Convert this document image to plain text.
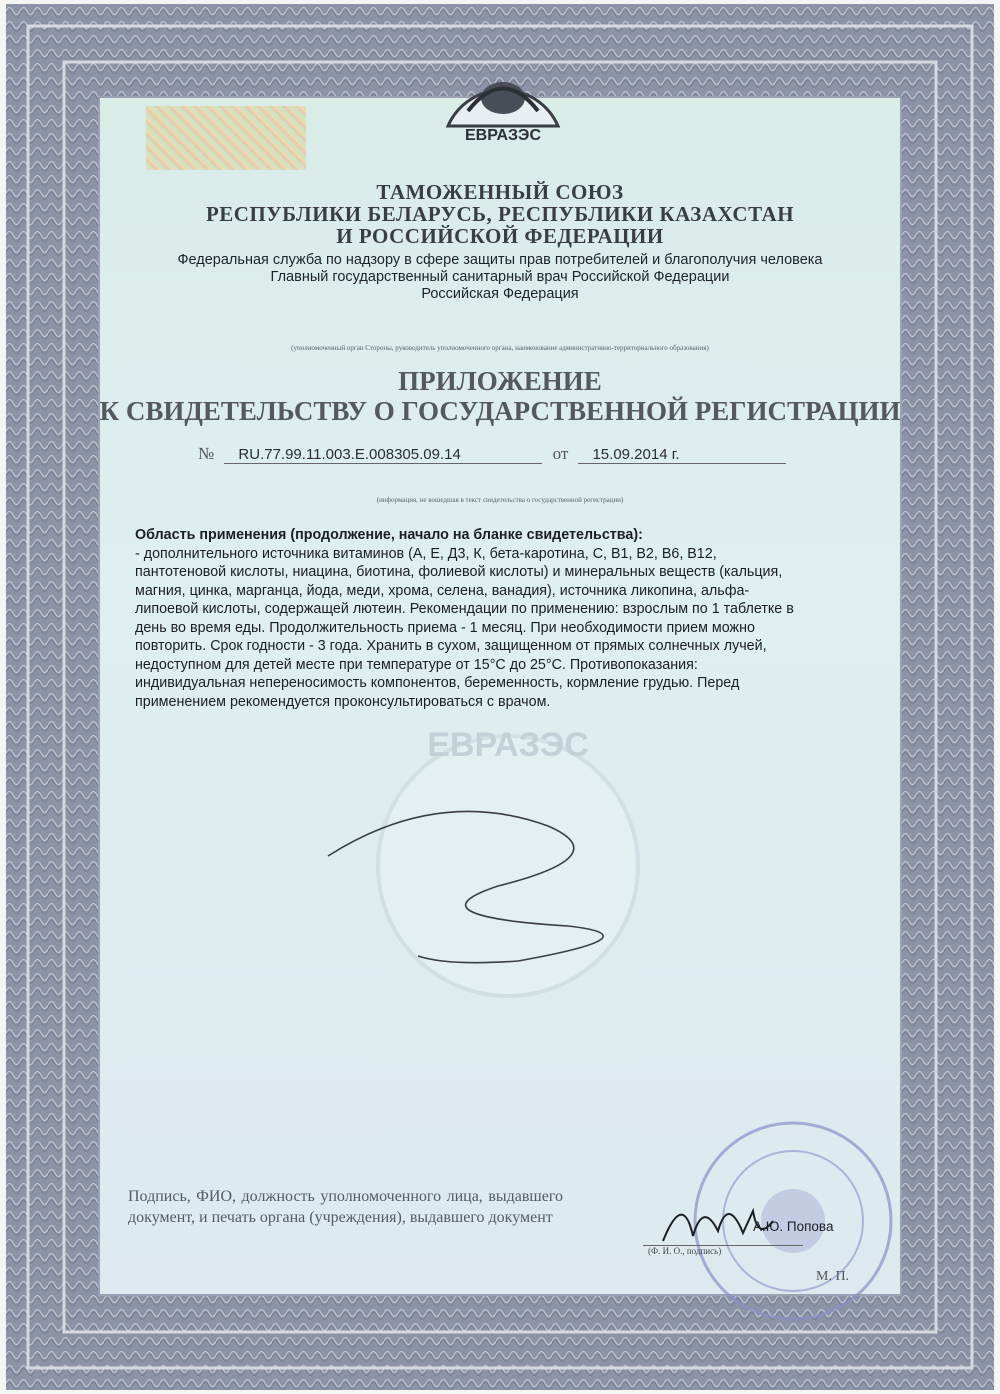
ЕВРАЗЭС
ТАМОЖЕННЫЙ СОЮЗ
РЕСПУБЛИКИ БЕЛАРУСЬ, РЕСПУБЛИКИ КАЗАХСТАН
И РОССИЙСКОЙ ФЕДЕРАЦИИ
Федеральная служба по надзору в сфере защиты прав потребителей и благополучия человека
Главный государственный санитарный врач Российской Федерации
Российская Федерация
(уполномоченный орган Стороны, руководитель уполномоченного органа, наименование административно-территориального образования)
ПРИЛОЖЕНИЕ
К СВИДЕТЕЛЬСТВУ О ГОСУДАРСТВЕННОЙ РЕГИСТРАЦИИ
№ RU.77.99.11.003.Е.008305.09.14	от 15.09.2014 г.
(информация, не вошедшая в текст свидетельства о государственной регистрации)
ЕВРАЗЭС
Область применения (продолжение, начало на бланке свидетельства):
- дополнительного источника витаминов (А, Е, Д3, К, бета-каротина, С, В1, В2, В6, В12,
пантотеновой кислоты, ниацина, биотина, фолиевой кислоты) и минеральных веществ (кальция,
магния, цинка, марганца, йода, меди, хрома, селена, ванадия), источника ликопина, альфа-
липоевой кислоты, содержащей лютеин. Рекомендации по применению: взрослым по 1 таблетке в
день во время еды. Продолжительность приема - 1 месяц. При необходимости прием можно
повторить. Срок годности - 3 года. Хранить в сухом, защищенном от прямых солнечных лучей,
недоступном для детей месте при температуре от 15°С до 25°С. Противопоказания:
индивидуальная непереносимость компонентов, беременность, кормление грудью. Перед
применением рекомендуется проконсультироваться с врачом.
Подпись, ФИО, должность уполномоченного лица, выдавшего документ, и печать органа (учреждения), выдавшего документ
А.Ю. Попова
(Ф. И. О., подпись)
М. П.
